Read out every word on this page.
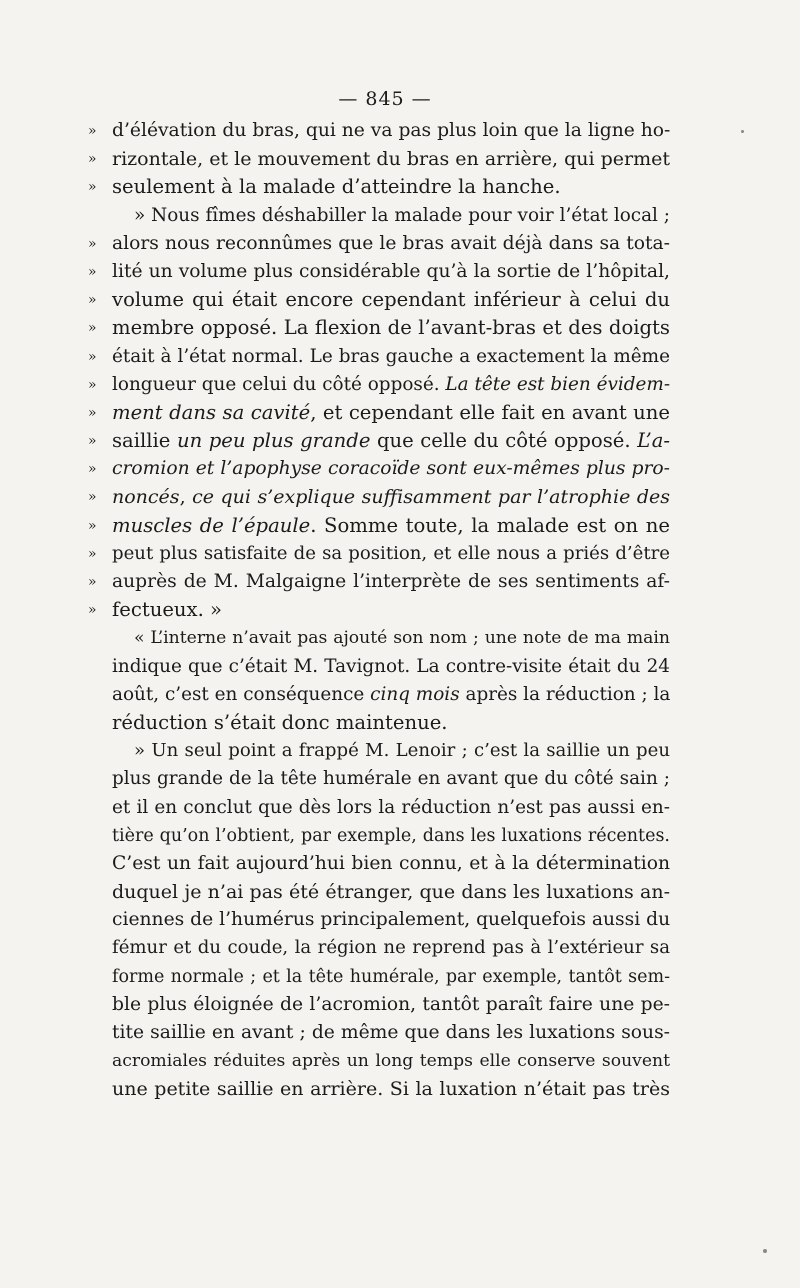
— 845 —
» d’élévation du bras, qui ne va pas plus loin que la ligne ho-
» rizontale, et le mouvement du bras en arrière, qui permet
» seulement à la malade d’atteindre la hanche.
» Nous fîmes déshabiller la malade pour voir l’état local ;
» alors nous reconnûmes que le bras avait déjà dans sa tota-
» lité un volume plus considérable qu’à la sortie de l’hôpital,
» volume qui était encore cependant inférieur à celui du
» membre opposé. La flexion de l’avant-bras et des doigts
» était à l’état normal. Le bras gauche a exactement la même
» longueur que celui du côté opposé. La tête est bien évidem-
» ment dans sa cavité, et cependant elle fait en avant une
» saillie un peu plus grande que celle du côté opposé. L’a-
» cromion et l’apophyse coracoïde sont eux-mêmes plus pro-
» noncés, ce qui s’explique suffisamment par l’atrophie des
» muscles de l’épaule. Somme toute, la malade est on ne
» peut plus satisfaite de sa position, et elle nous a priés d’être
» auprès de M. Malgaigne l’interprète de ses sentiments af-
» fectueux. »
« L’interne n’avait pas ajouté son nom ; une note de ma main
indique que c’était M. Tavignot. La contre-visite était du 24
août, c’est en conséquence cinq mois après la réduction ; la
réduction s’était donc maintenue.
» Un seul point a frappé M. Lenoir ; c’est la saillie un peu
plus grande de la tête humérale en avant que du côté sain ;
et il en conclut que dès lors la réduction n’est pas aussi en-
tière qu’on l’obtient, par exemple, dans les luxations récentes.
C’est un fait aujourd’hui bien connu, et à la détermination
duquel je n’ai pas été étranger, que dans les luxations an-
ciennes de l’humérus principalement, quelquefois aussi du
fémur et du coude, la région ne reprend pas à l’extérieur sa
forme normale ; et la tête humérale, par exemple, tantôt sem-
ble plus éloignée de l’acromion, tantôt paraît faire une pe-
tite saillie en avant ; de même que dans les luxations sous-
acromiales réduites après un long temps elle conserve souvent
une petite saillie en arrière. Si la luxation n’était pas très
